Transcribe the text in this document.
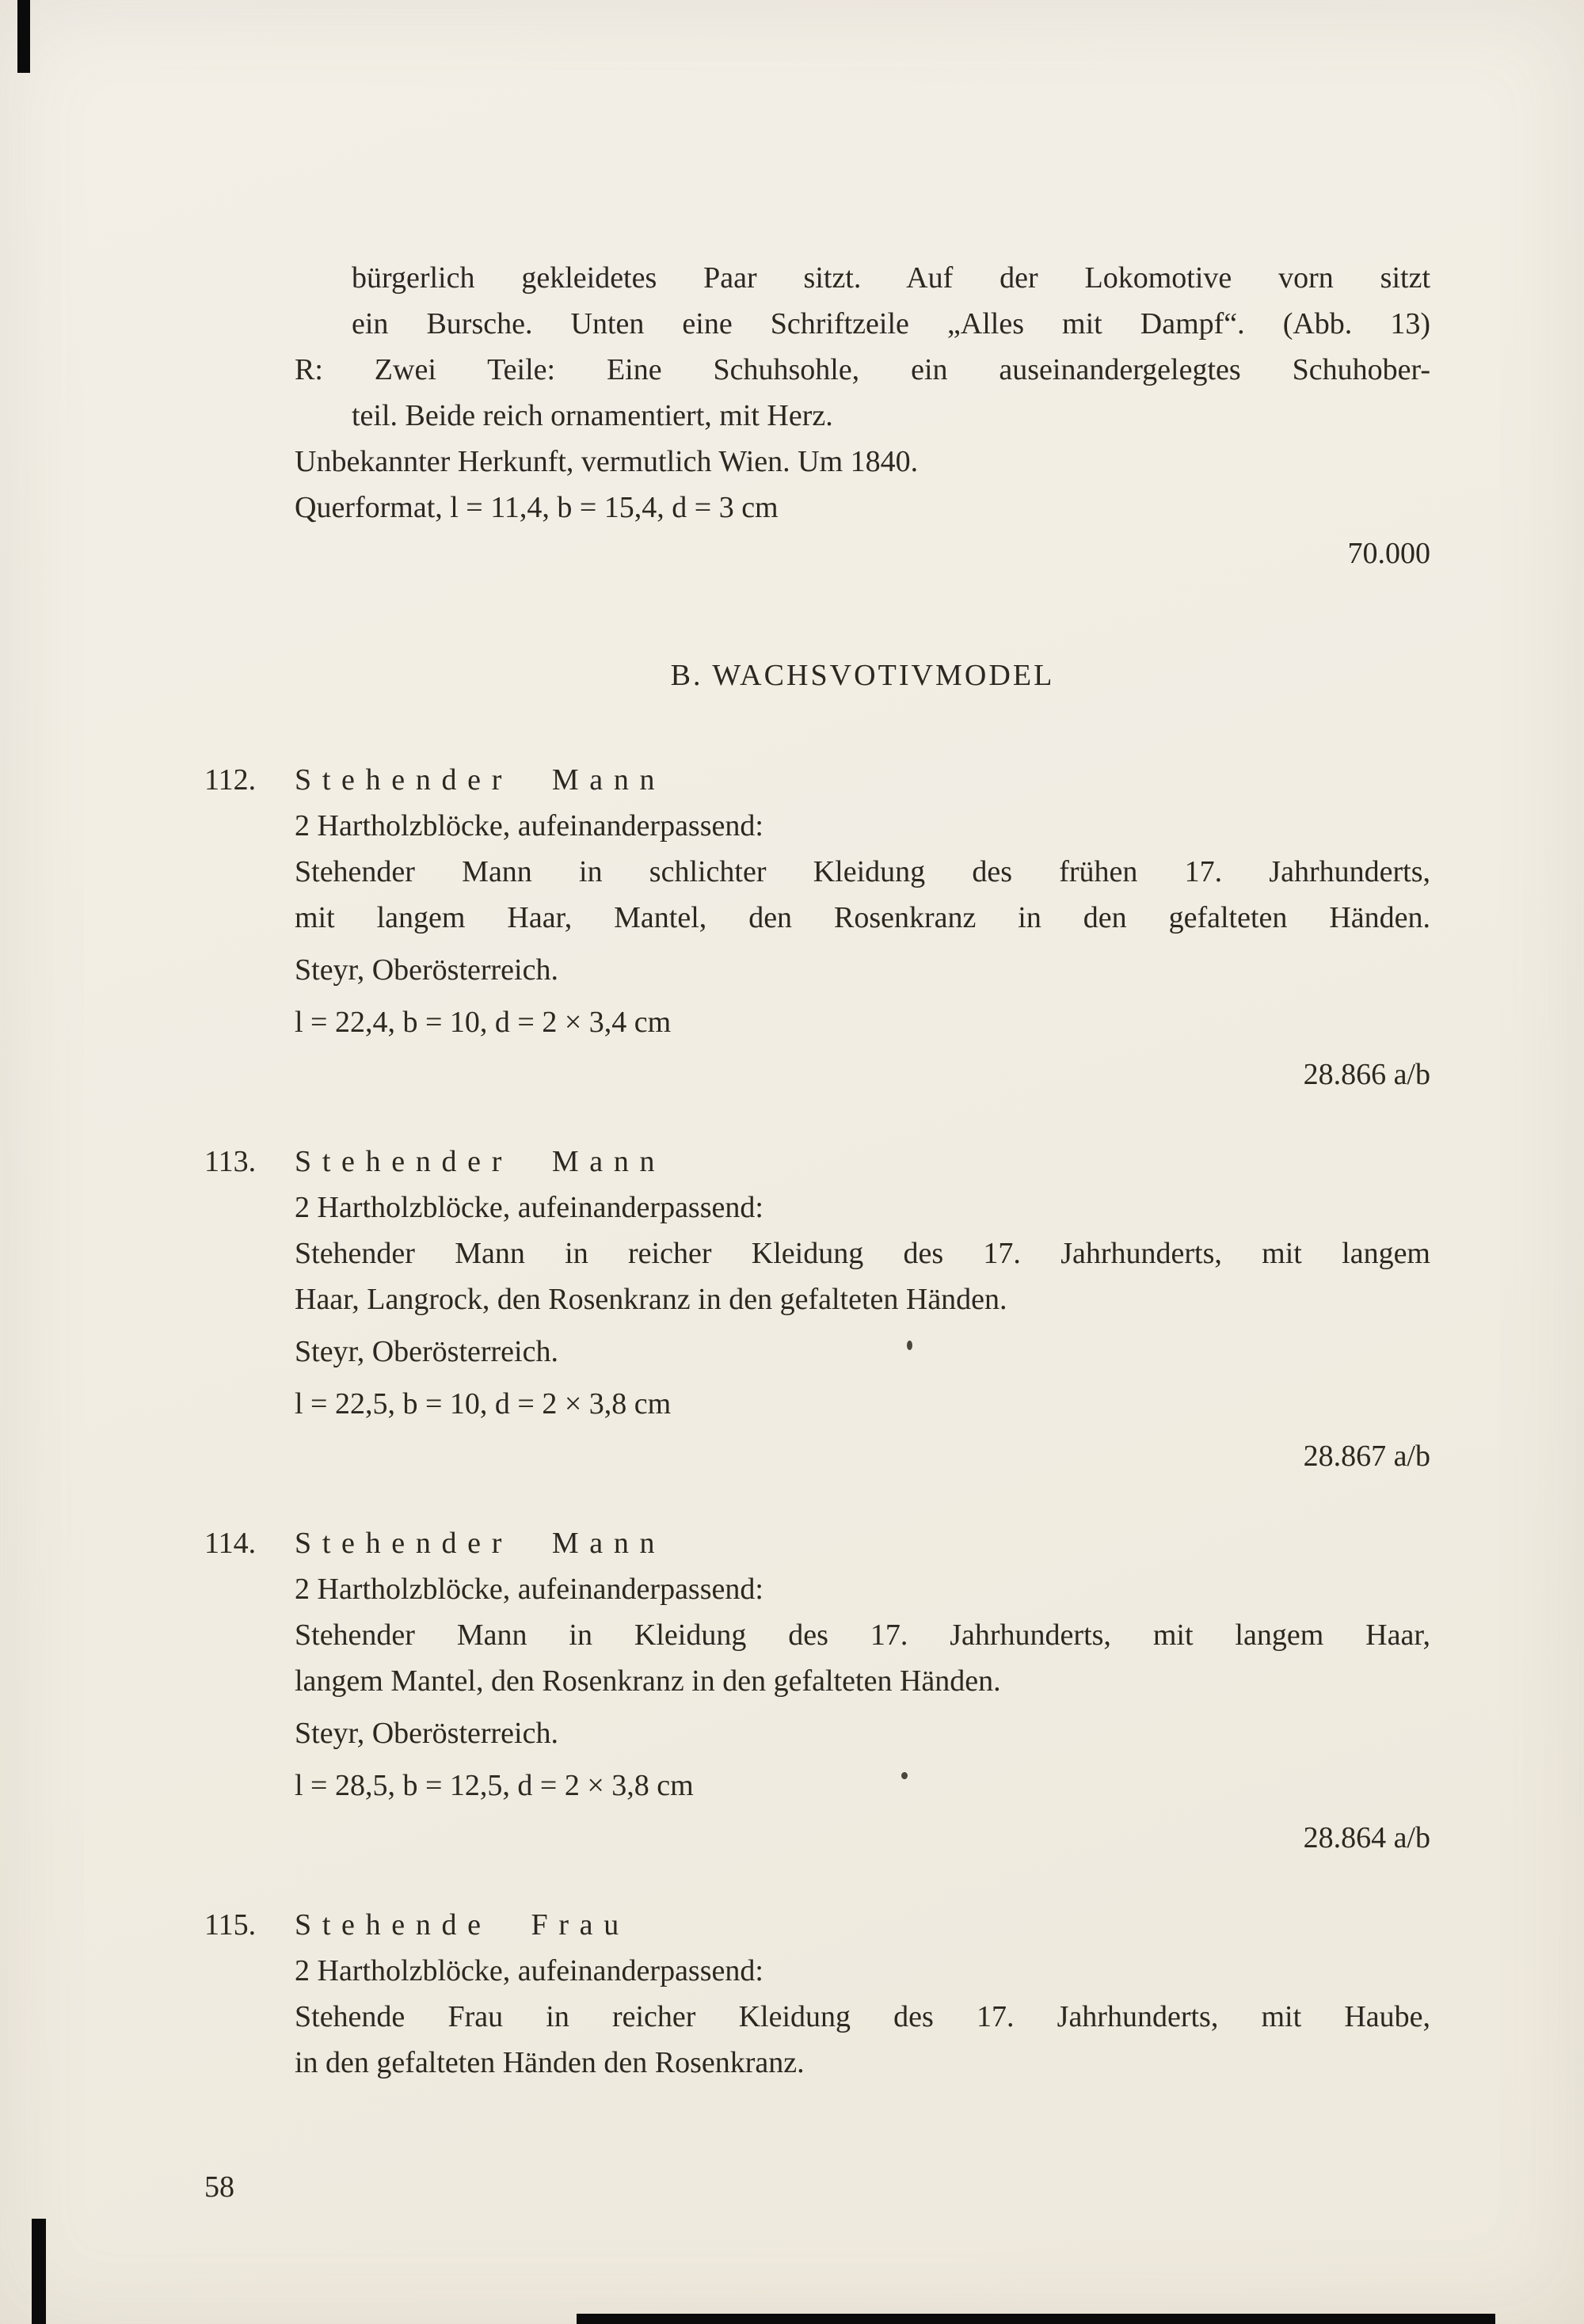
bürgerlich gekleidetes Paar sitzt. Auf der Lokomotive vorn sitzt
ein Bursche. Unten eine Schriftzeile „Alles mit Dampf“. (Abb. 13)
R: Zwei Teile: Eine Schuhsohle, ein auseinandergelegtes Schuhober-
teil. Beide reich ornamentiert, mit Herz.
Unbekannter Herkunft, vermutlich Wien. Um 1840.
Querformat, l = 11,4, b = 15,4, d = 3 cm
70.000
B. WACHSVOTIVMODEL
112. Stehender Mann
2 Hartholzblöcke, aufeinanderpassend:
Stehender Mann in schlichter Kleidung des frühen 17. Jahrhunderts,
mit langem Haar, Mantel, den Rosenkranz in den gefalteten Händen.
Steyr, Oberösterreich.
l = 22,4, b = 10, d = 2 × 3,4 cm
28.866 a/b
113. Stehender Mann
2 Hartholzblöcke, aufeinanderpassend:
Stehender Mann in reicher Kleidung des 17. Jahrhunderts, mit langem
Haar, Langrock, den Rosenkranz in den gefalteten Händen.
Steyr, Oberösterreich.
l = 22,5, b = 10, d = 2 × 3,8 cm
28.867 a/b
114. Stehender Mann
2 Hartholzblöcke, aufeinanderpassend:
Stehender Mann in Kleidung des 17. Jahrhunderts, mit langem Haar,
langem Mantel, den Rosenkranz in den gefalteten Händen.
Steyr, Oberösterreich.
l = 28,5, b = 12,5, d = 2 × 3,8 cm
28.864 a/b
115. Stehende Frau
2 Hartholzblöcke, aufeinanderpassend:
Stehende Frau in reicher Kleidung des 17. Jahrhunderts, mit Haube,
in den gefalteten Händen den Rosenkranz.
58
